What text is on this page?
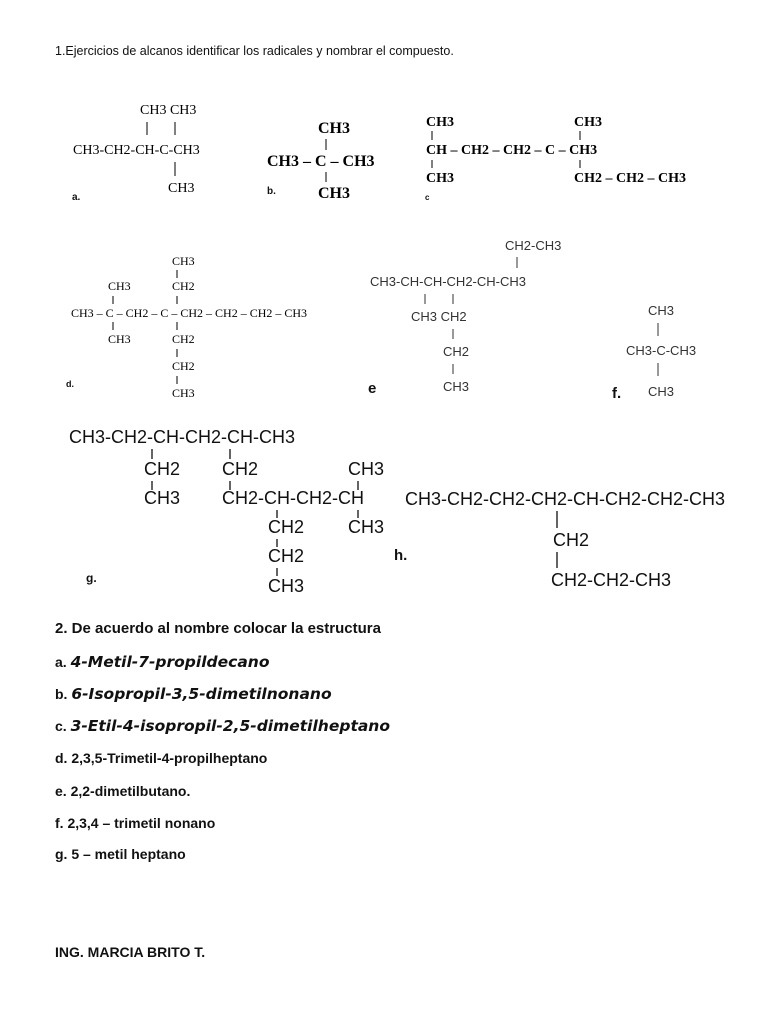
1.Ejercicios de alcanos identificar los radicales y nombrar el compuesto.
CH3 CH3
CH3-CH2-CH-C-CH3
CH3
a.
CH3
CH3 – C – CH3
CH3
b.
CH3	CH3
CH – CH2 – CH2 – C – CH3
CH3	CH2 – CH2 – CH3
c
CH3
CH3	CH2
CH3 – C – CH2 – C – CH2 – CH2 – CH2 – CH3
CH3	CH2
CH2
CH3
d.
CH2-CH3
CH3-CH-CH-CH2-CH-CH3
CH3 CH2
CH2
CH3
e
CH3
CH3-C-CH3
CH3
f.
CH3-CH2-CH-CH2-CH-CH3
CH2 CH2	CH3
CH3 CH2-CH-CH2-CH
CH2 CH3
CH2
CH3
g.
CH3-CH2-CH2-CH2-CH-CH2-CH2-CH3
CH2
CH2-CH2-CH3
h.
2. De acuerdo al nombre colocar la estructura
a. 4-Metil-7-propildecano
b. 6-Isopropil-3,5-dimetilnonano
c. 3-Etil-4-isopropil-2,5-dimetilheptano
d. 2,3,5-Trimetil-4-propilheptano
e. 2,2-dimetilbutano.
f. 2,3,4 – trimetil nonano
g. 5 – metil heptano
ING. MARCIA BRITO T.
